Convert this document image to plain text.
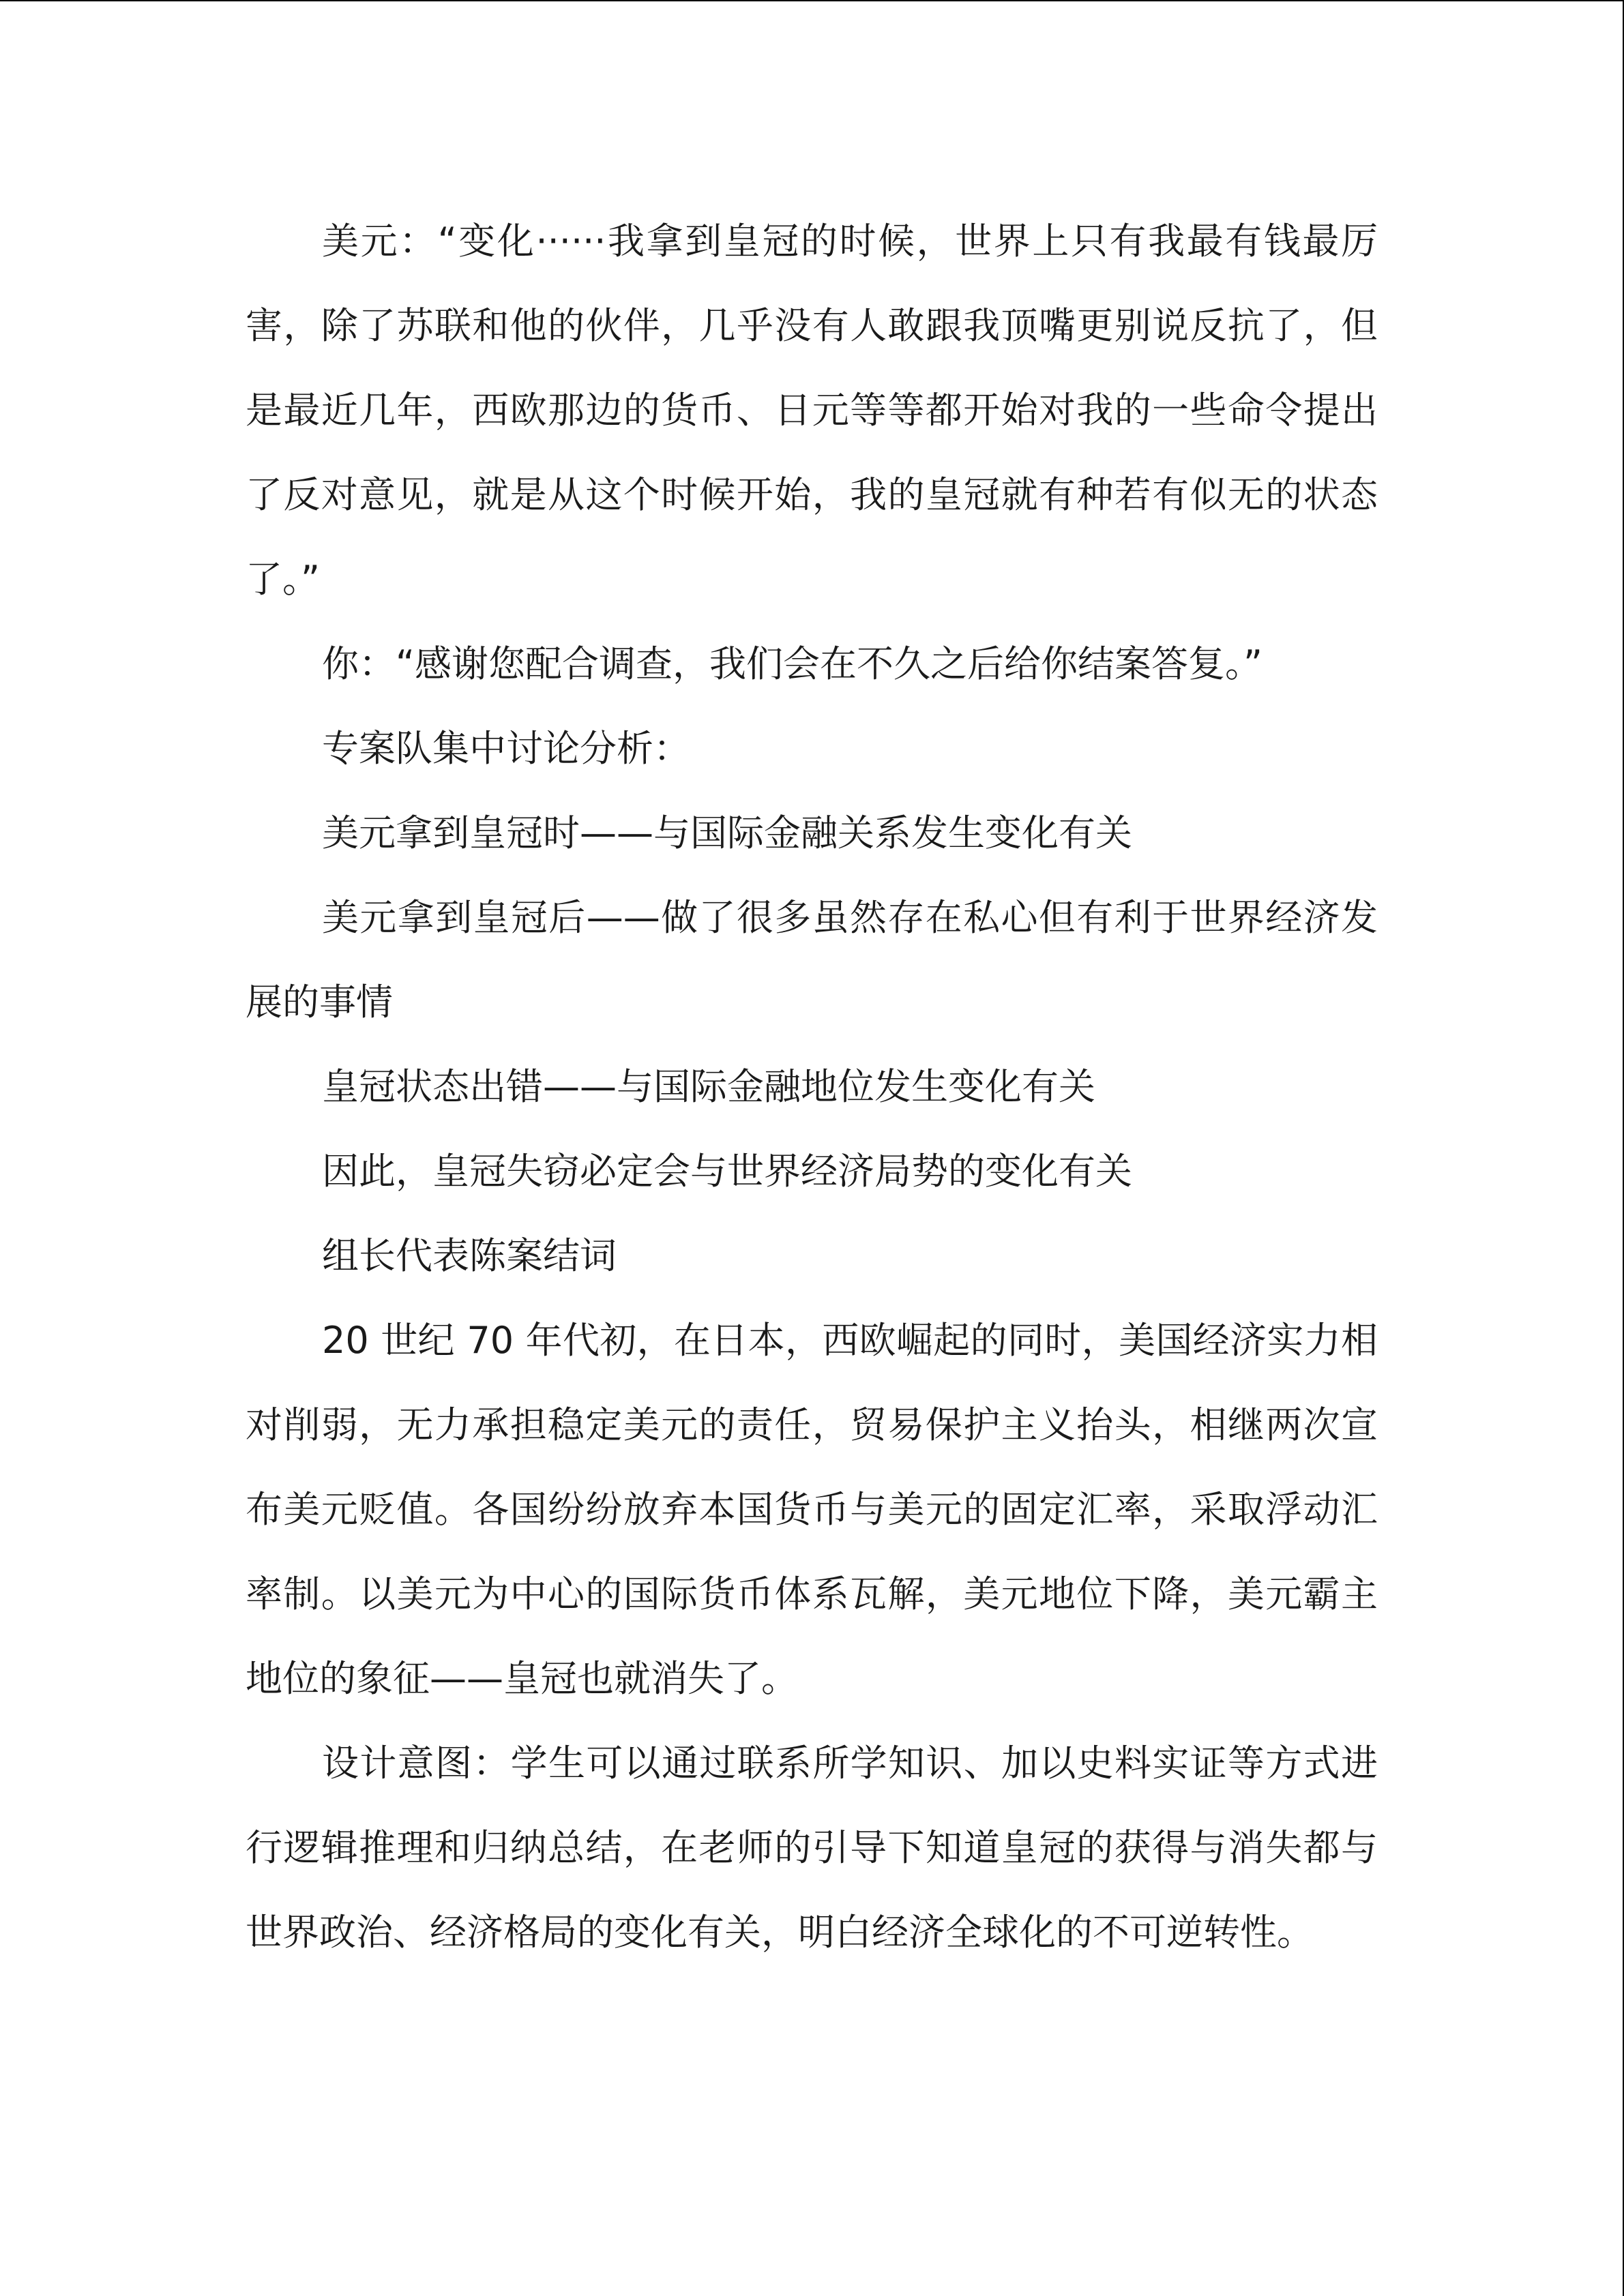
美元：“变化······我拿到皇冠的时候，世界上只有我最有钱最厉害，除了苏联和他的伙伴，几乎没有人敢跟我顶嘴更别说反抗了，但是最近几年，西欧那边的货币、日元等等都开始对我的一些命令提出了反对意见，就是从这个时候开始，我的皇冠就有种若有似无的状态了。”

你：“感谢您配合调查，我们会在不久之后给你结案答复。”

专案队集中讨论分析：

美元拿到皇冠时——与国际金融关系发生变化有关

美元拿到皇冠后——做了很多虽然存在私心但有利于世界经济发展的事情

皇冠状态出错——与国际金融地位发生变化有关

因此，皇冠失窃必定会与世界经济局势的变化有关

组长代表陈案结词

20 世纪 70 年代初，在日本，西欧崛起的同时，美国经济实力相对削弱，无力承担稳定美元的责任，贸易保护主义抬头，相继两次宣布美元贬值。各国纷纷放弃本国货币与美元的固定汇率，采取浮动汇率制。以美元为中心的国际货币体系瓦解，美元地位下降，美元霸主地位的象征——皇冠也就消失了。

设计意图：学生可以通过联系所学知识、加以史料实证等方式进行逻辑推理和归纳总结，在老师的引导下知道皇冠的获得与消失都与世界政治、经济格局的变化有关，明白经济全球化的不可逆转性。
